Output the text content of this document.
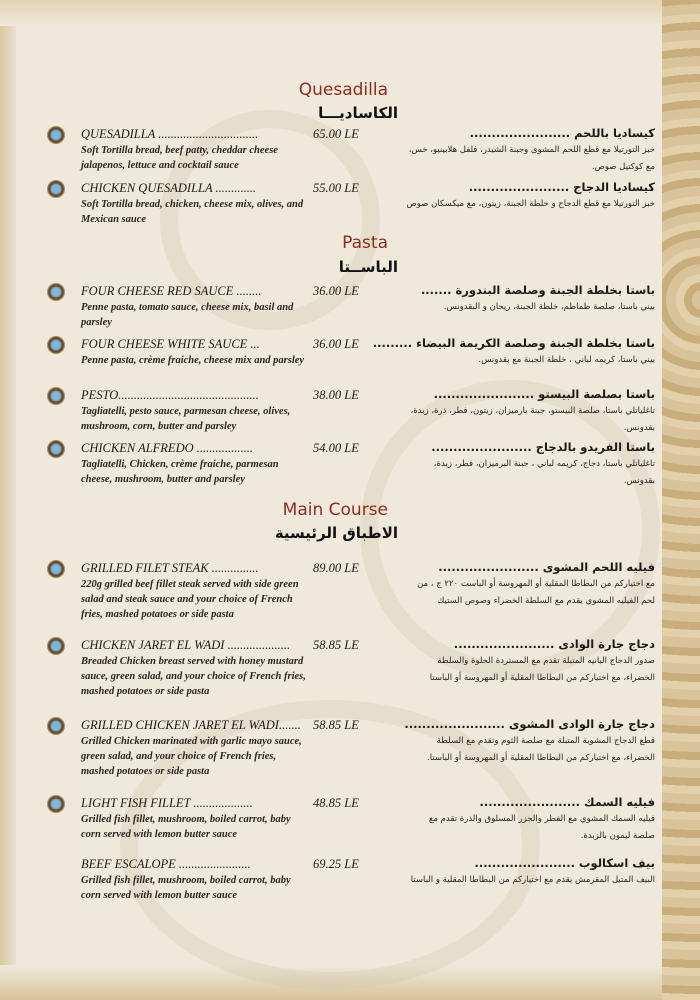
Quesadilla
الكاساديـــا
QUESADILLA ................................
Soft Tortilla bread, beef patty, cheddar cheese jalapenos, lettuce and cocktail sauce
65.00 LE	كيساديا باللحم .......................
خبز التورتيلا مع قطع اللحم المشوى وجبنة الشيدر، فلفل هلابينيو، خس، مع كوكتيل صوص.
CHICKEN QUESADILLA .............
Soft Tortilla bread, chicken, cheese mix, olives, and Mexican sauce
55.00 LE	كيساديا الدجاج .......................
خبز التورتيلا مع قطع الدجاج و خلطة الجبنة، زيتون، مع ميكسكان صوص
Pasta
الباســتا
FOUR CHEESE RED SAUCE ........
Penne pasta, tomato sauce, cheese mix, basil and parsley
36.00 LE	باستا بخلطة الجبنة وصلصة البندورة .......
بيني باستا، صلصة طماطم، خلطة الجبنة، ريحان و البقدونس.
FOUR CHEESE WHITE SAUCE ...
Penne pasta, crème fraiche, cheese mix and parsley
36.00 LE باستا بخلطة الجبنة وصلصة الكريمة البيضاء .........
بيني باستا، كريمه لباني ، خلطة الجبنة مع بقدونس.
PESTO.............................................
Tagliatelli, pesto sauce, parmesan cheese, olives, mushroom, corn, butter and parsley
38.00 LE	باستا بصلصة البيستو .......................
تاغلياتلي باستا، صلصة البيستو، جبنة بارميزان، زيتون، فطر، ذرة، زبدة، بقدونس.
CHICKEN ALFREDO ..................
Tagliatelli, Chicken, crème fraiche, parmesan cheese, mushroom, butter and parsley
54.00 LE	باستا الفريدو بالدجاج .......................
تاغلياتلي باستا، دجاج، كريمه لباني ، جبنة البرميزان، فطر، زبدة، بقدونس.
Main Course
الاطباق الرئيسية
GRILLED FILET STEAK ...............
220g grilled beef fillet steak served with side green salad and steak sauce and your choice of French fries, mashed potatoes or side pasta
89.00 LE	فيليه اللحم المشوى .......................
مع اختياركم من البطاطا المقلية أو المهروسة أو الباست ٢٢٠ ج ، من لحم الفيليه المشوي يقدم مع السلطة الخضراء وصوص الستيك
CHICKEN JARET EL WADI ....................
Breaded Chicken breast served with honey mustard sauce, green salad, and your choice of French fries, mashed potatoes or side pasta
58.85 LE	دجاج جارة الوادى .......................
صدور الدجاج البانيه المتبلة تقدم مع المستردة الحلوة والسلطة الخضراء، مع اختياركم من البطاطا المقلية أو المهروسة أو الباستا
GRILLED CHICKEN JARET EL WADI.......
Grilled Chicken marinated with garlic mayo sauce, green salad, and your choice of French fries, mashed potatoes or side pasta
58.85 LE	دجاج جارة الوادى المشوى .......................
قطع الدجاج المشوية المتبلة مع صلصة الثوم وتقدم مع السلطة الخضراء، مع اختياركم من البطاطا المقلية أو المهروسة أو الباستا.
LIGHT FISH FILLET ...................
Grilled fish fillet, mushroom, boiled carrot, baby corn served with lemon butter sauce
48.85 LE	فيليه السمك .......................
فيليه السمك المشوي مع الفطر والجزر المسلوق والذرة تقدم مع صلصة ليمون بالزبدة.
BEEF ESCALOPE .......................
Grilled fish fillet, mushroom, boiled carrot, baby corn served with lemon butter sauce
69.25 LE	بيف اسكالوب .......................
البيف المتبل المقرمش يقدم مع اختياركم من البطاطا المقلية و الباستا
